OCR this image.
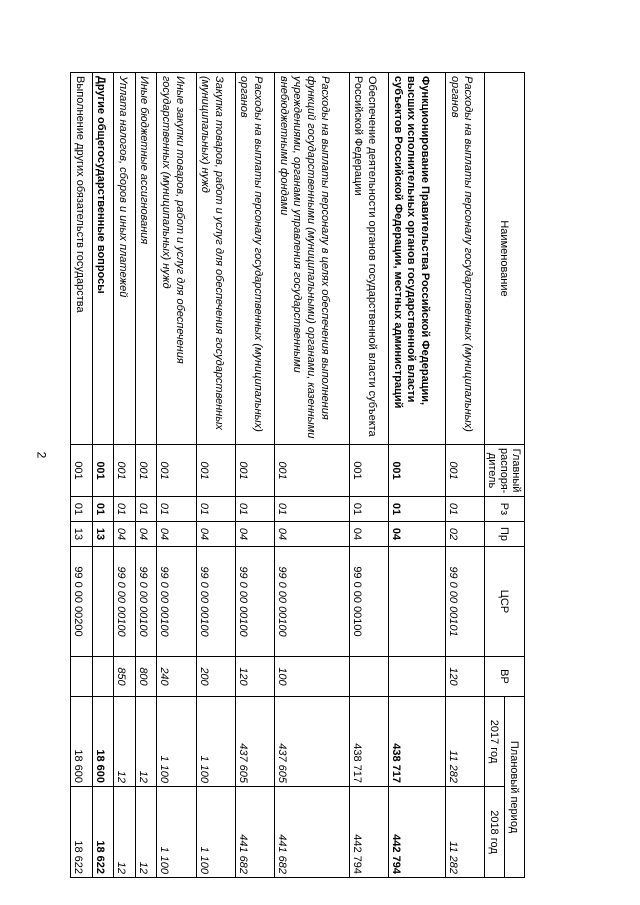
2
Наименование	Главный распоря-дитель	Рз	Пр	ЦСР	ВР	Плановый период	
						2017 год	2018 год
Расходы на выплаты персоналу государственных (муниципальных) органов	001	01	02	99 0 00 00101	120	11 282	11 282
Функционирование Правительства Российской Федерации, высших исполнительных органов государственной власти субъектов Российской Федерации, местных администраций	001	01	04			438 717	442 794
Обеспечение деятельности органов государственной власти субъекта Российской Федерации	001	01	04	99 0 00 00100		438 717	442 794
Расходы на выплаты персоналу в целях обеспечения выполнения функций государственными (муниципальными) органами, казенными учреждениями, органами управления государственными внебюджетными фондами	001	01	04	99 0 00 00100	100	437 605	441 682
Расходы на выплаты персоналу государственных (муниципальных) органов	001	01	04	99 0 00 00100	120	437 605	441 682
Закупка товаров, работ и услуг для обеспечения государственных (муниципальных) нужд	001	01	04	99 0 00 00100	200	1 100	1 100
Иные закупки товаров, работ и услуг для обеспечения государственных (муниципальных) нужд	001	01	04	99 0 00 00100	240	1 100	1 100
Иные бюджетные ассигнования	001	01	04	99 0 00 00100	800	12	12
Уплата налогов, сборов и иных платежей	001	01	04	99 0 00 00100	850	12	12
Другие общегосударственные вопросы	001	01	13			18 600	18 622
Выполнение других обязательств государства	001	01	13	99 0 00 00200		18 600	18 622
